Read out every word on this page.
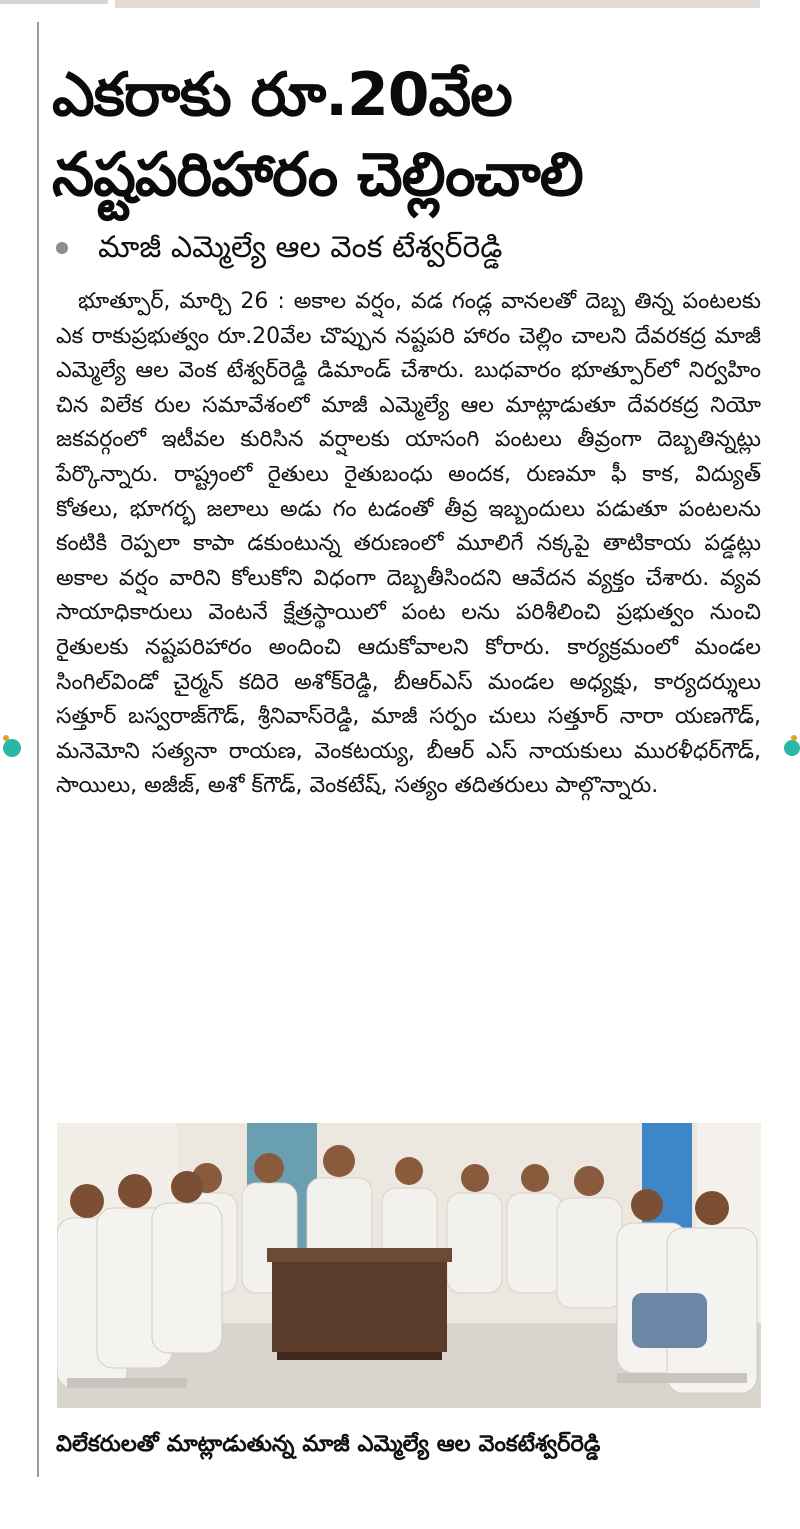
ఎకరాకు రూ.20వేల
నష్టపరిహారం చెల్లించాలి
మాజీ ఎమ్మెల్యే ఆల వెంక టేశ్వర్‌రెడ్డి
భూత్పూర్, మార్చి 26 : అకాల వర్షం, వడ గండ్ల వానలతో దెబ్బ తిన్న పంటలకు ఎక రాకుప్రభుత్వం రూ.20వేల చొప్పున నష్టపరి హారం చెల్లిం చాలని దేవరకద్ర మాజీ ఎమ్మెల్యే ఆల వెంక టేశ్వర్‌రెడ్డి డిమాండ్ చేశారు. బుధవారం భూత్పూర్‌లో నిర్వహిం చిన విలేక రుల సమావేశంలో మాజీ ఎమ్మెల్యే ఆల మాట్లాడుతూ దేవరకద్ర నియో జకవర్గంలో ఇటీవల కురిసిన వర్షాలకు యాసంగి పంటలు తీవ్రంగా దెబ్బతిన్నట్లు పేర్కొన్నారు. రాష్ట్రంలో రైతులు రైతుబంధు అందక, రుణమా ఫీ కాక, విద్యుత్ కోతలు, భూగర్భ జలాలు అడు గం టడంతో తీవ్ర ఇబ్బందులు పడుతూ పంటలను కంటికి రెప్పలా కాపా డకుంటున్న తరుణంలో మూలిగే నక్కపై తాటికాయ పడ్డట్లు అకాల వర్షం వారిని కోలుకోని విధంగా దెబ్బతీసిందని ఆవేదన వ్యక్తం చేశారు. వ్యవ సాయాధికారులు వెంటనే క్షేత్రస్థాయిలో పంట లను పరిశీలించి ప్రభుత్వం నుంచి రైతులకు నష్టపరిహారం అందించి ఆదుకోవాలని కోరారు. కార్యక్రమంలో మండల సింగిల్‌విండో చైర్మన్ కదిరె అశోక్‌రెడ్డి, బీఆర్ఎస్ మండల అధ్యక్షు, కార్యదర్శులు సత్తూర్ బస్వరాజ్‌గౌడ్, శ్రీనివాస్‌రెడ్డి, మాజీ సర్పం చులు సత్తూర్ నారా యణగౌడ్, మనెమోని సత్యనా రాయణ, వెంకటయ్య, బీఆర్ ఎస్ నాయకులు మురళీధర్‌గౌడ్, సాయిలు, అజీజ్, అశో క్‌గౌడ్, వెంకటేష్, సత్యం తదితరులు పాల్గొన్నారు.
విలేకరులతో మాట్లాడుతున్న మాజీ ఎమ్మెల్యే ఆల వెంకటేశ్వర్‌రెడ్డి
